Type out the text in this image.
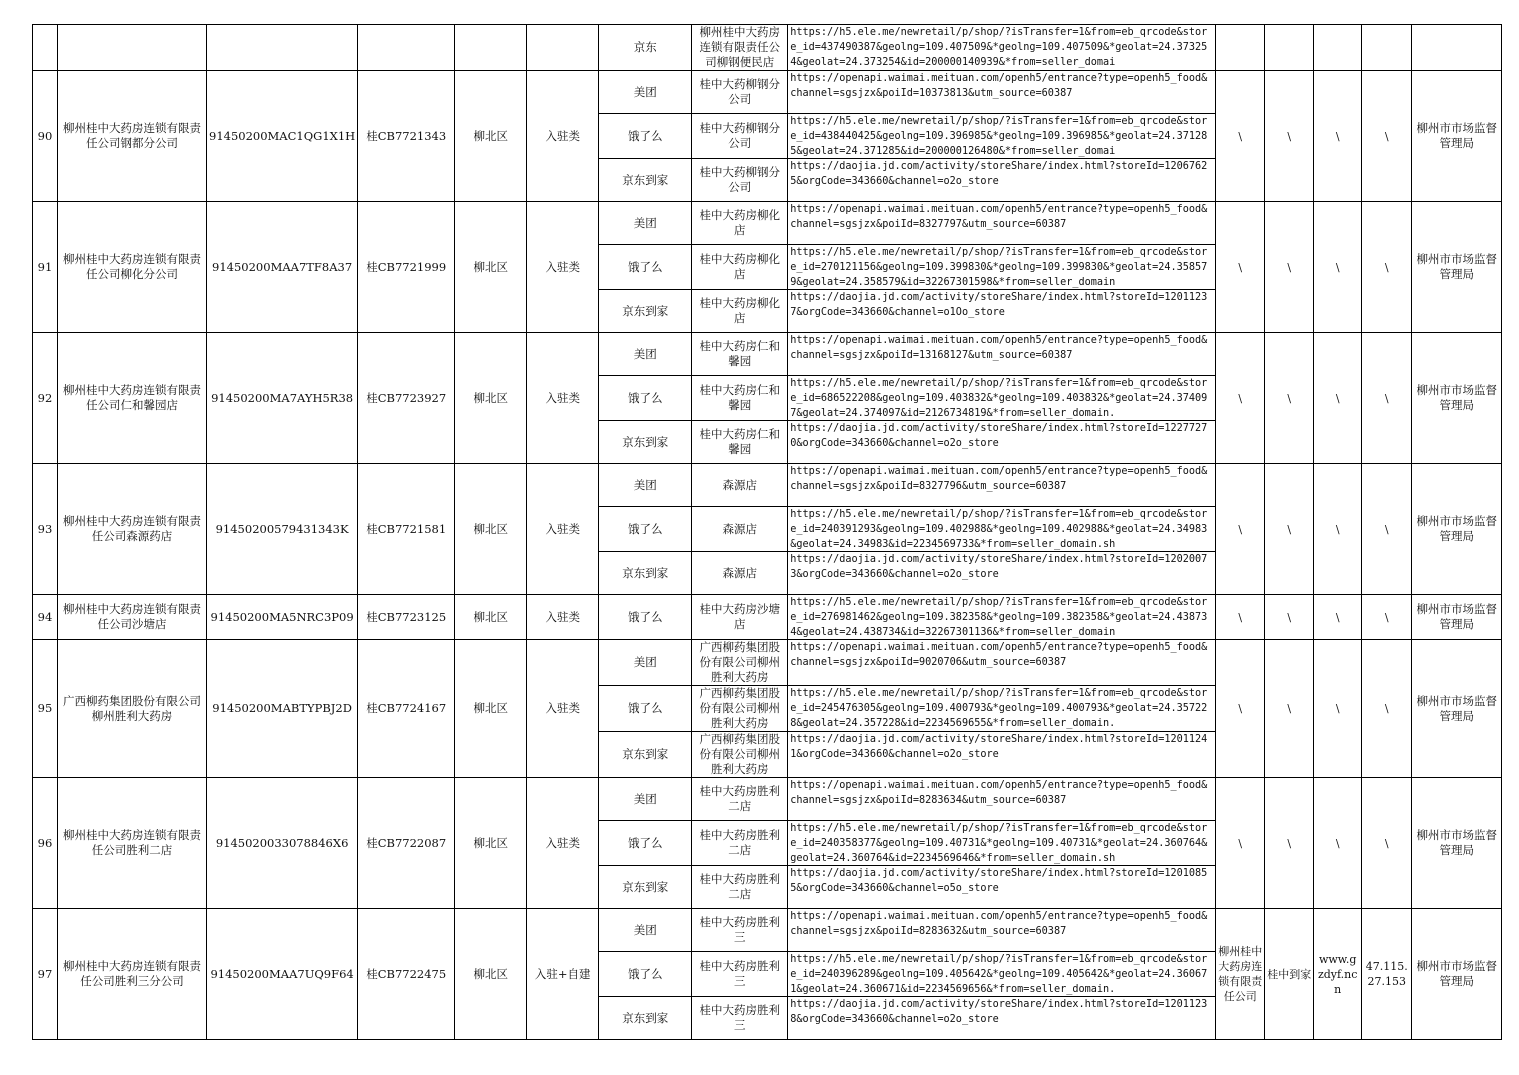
						京东	柳州桂中大药房连锁有限责任公司柳钢便民店	https://h5.ele.me/newretail/p/shop/?isTransfer=1&from=eb_qrcode&store_id=437490387&geolng=109.407509&*geolng=109.407509&*geolat=24.373254&geolat=24.373254&id=200000140939&*from=seller_domai					

90	柳州桂中大药房连锁有限责任公司钢都分公司	91450200MAC1QG1X1H	桂CB7721343	柳北区	入驻类	美团	桂中大药柳钢分公司	https://openapi.waimai.meituan.com/openh5/entrance?type=openh5_food&channel=sgsjzx&poiId=10373813&utm_source=60387	\	\	\	\	柳州市市场监督管理局
						饿了么	桂中大药柳钢分公司	https://h5.ele.me/newretail/p/shop/?isTransfer=1&from=eb_qrcode&store_id=438440425&geolng=109.396985&*geolng=109.396985&*geolat=24.371285&geolat=24.371285&id=200000126480&*from=seller_domai					

						京东到家	桂中大药柳钢分公司	https://daojia.jd.com/activity/storeShare/index.html?storeId=12067625&orgCode=343660&channel=o2o_store					

91	柳州桂中大药房连锁有限责任公司柳化分公司	91450200MAA7TF8A37	桂CB7721999	柳北区	入驻类	美团	桂中大药房柳化店	https://openapi.waimai.meituan.com/openh5/entrance?type=openh5_food&channel=sgsjzx&poiId=8327797&utm_source=60387	\	\	\	\	柳州市市场监督管理局
						饿了么	桂中大药房柳化店	https://h5.ele.me/newretail/p/shop/?isTransfer=1&from=eb_qrcode&store_id=270121156&geolng=109.399830&*geolng=109.399830&*geolat=24.358579&geolat=24.358579&id=32267301598&*from=seller_domain					

						京东到家	桂中大药房柳化店	https://daojia.jd.com/activity/storeShare/index.html?storeId=12011237&orgCode=343660&channel=o1Oo_store					

92	柳州桂中大药房连锁有限责任公司仁和馨园店	91450200MA7AYH5R38	桂CB7723927	柳北区	入驻类	美团	桂中大药房仁和馨园	https://openapi.waimai.meituan.com/openh5/entrance?type=openh5_food&channel=sgsjzx&poiId=13168127&utm_source=60387	\	\	\	\	柳州市市场监督管理局
						饿了么	桂中大药房仁和馨园	https://h5.ele.me/newretail/p/shop/?isTransfer=1&from=eb_qrcode&store_id=686522208&geolng=109.403832&*geolng=109.403832&*geolat=24.374097&geolat=24.374097&id=2126734819&*from=seller_domain.					

						京东到家	桂中大药房仁和馨园	https://daojia.jd.com/activity/storeShare/index.html?storeId=12277270&orgCode=343660&channel=o2o_store					

93	柳州桂中大药房连锁有限责任公司森源药店	91450200579431343K	桂CB7721581	柳北区	入驻类	美团	森源店	https://openapi.waimai.meituan.com/openh5/entrance?type=openh5_food&channel=sgsjzx&poiId=8327796&utm_source=60387	\	\	\	\	柳州市市场监督管理局
						饿了么	森源店	https://h5.ele.me/newretail/p/shop/?isTransfer=1&from=eb_qrcode&store_id=240391293&geolng=109.402988&*geolng=109.402988&*geolat=24.34983&geolat=24.34983&id=2234569733&*from=seller_domain.sh					

						京东到家	森源店	https://daojia.jd.com/activity/storeShare/index.html?storeId=12020073&orgCode=343660&channel=o2o_store					

94	柳州桂中大药房连锁有限责任公司沙塘店	91450200MA5NRC3P09	桂CB7723125	柳北区	入驻类	饿了么	桂中大药房沙塘店	https://h5.ele.me/newretail/p/shop/?isTransfer=1&from=eb_qrcode&store_id=276981462&geolng=109.382358&*geolng=109.382358&*geolat=24.438734&geolat=24.438734&id=32267301136&*from=seller_domain	\	\	\	\	柳州市市场监督管理局
95	广西柳药集团股份有限公司柳州胜利大药房	91450200MABTYPBJ2D	桂CB7724167	柳北区	入驻类	美团	广西柳药集团股份有限公司柳州胜利大药房	https://openapi.waimai.meituan.com/openh5/entrance?type=openh5_food&channel=sgsjzx&poiId=9020706&utm_source=60387	\	\	\	\	柳州市市场监督管理局
						饿了么	广西柳药集团股份有限公司柳州胜利大药房	https://h5.ele.me/newretail/p/shop/?isTransfer=1&from=eb_qrcode&store_id=245476305&geolng=109.400793&*geolng=109.400793&*geolat=24.357228&geolat=24.357228&id=2234569655&*from=seller_domain.					

						京东到家	广西柳药集团股份有限公司柳州胜利大药房	https://daojia.jd.com/activity/storeShare/index.html?storeId=12011241&orgCode=343660&channel=o2o_store					

96	柳州桂中大药房连锁有限责任公司胜利二店	9145020033078846X6	桂CB7722087	柳北区	入驻类	美团	桂中大药房胜利二店	https://openapi.waimai.meituan.com/openh5/entrance?type=openh5_food&channel=sgsjzx&poiId=8283634&utm_source=60387	\	\	\	\	柳州市市场监督管理局
						饿了么	桂中大药房胜利二店	https://h5.ele.me/newretail/p/shop/?isTransfer=1&from=eb_qrcode&store_id=240358377&geolng=109.40731&*geolng=109.40731&*geolat=24.360764&geolat=24.360764&id=2234569646&*from=seller_domain.sh					

						京东到家	桂中大药房胜利二店	https://daojia.jd.com/activity/storeShare/index.html?storeId=12010855&orgCode=343660&channel=o5o_store					

97	柳州桂中大药房连锁有限责任公司胜利三分公司	91450200MAA7UQ9F64	桂CB7722475	柳北区	入驻+自建	美团	桂中大药房胜利三	https://openapi.waimai.meituan.com/openh5/entrance?type=openh5_food&channel=sgsjzx&poiId=8283632&utm_source=60387	柳州桂中大药房连锁有限责任公司	桂中到家	www.gzdyf.ncn	47.115.27.153	柳州市市场监督管理局
						饿了么	桂中大药房胜利三	https://h5.ele.me/newretail/p/shop/?isTransfer=1&from=eb_qrcode&store_id=240396289&geolng=109.405642&*geolng=109.405642&*geolat=24.360671&geolat=24.360671&id=2234569656&*from=seller_domain.					

						京东到家	桂中大药房胜利三	https://daojia.jd.com/activity/storeShare/index.html?storeId=12011238&orgCode=343660&channel=o2o_store					
